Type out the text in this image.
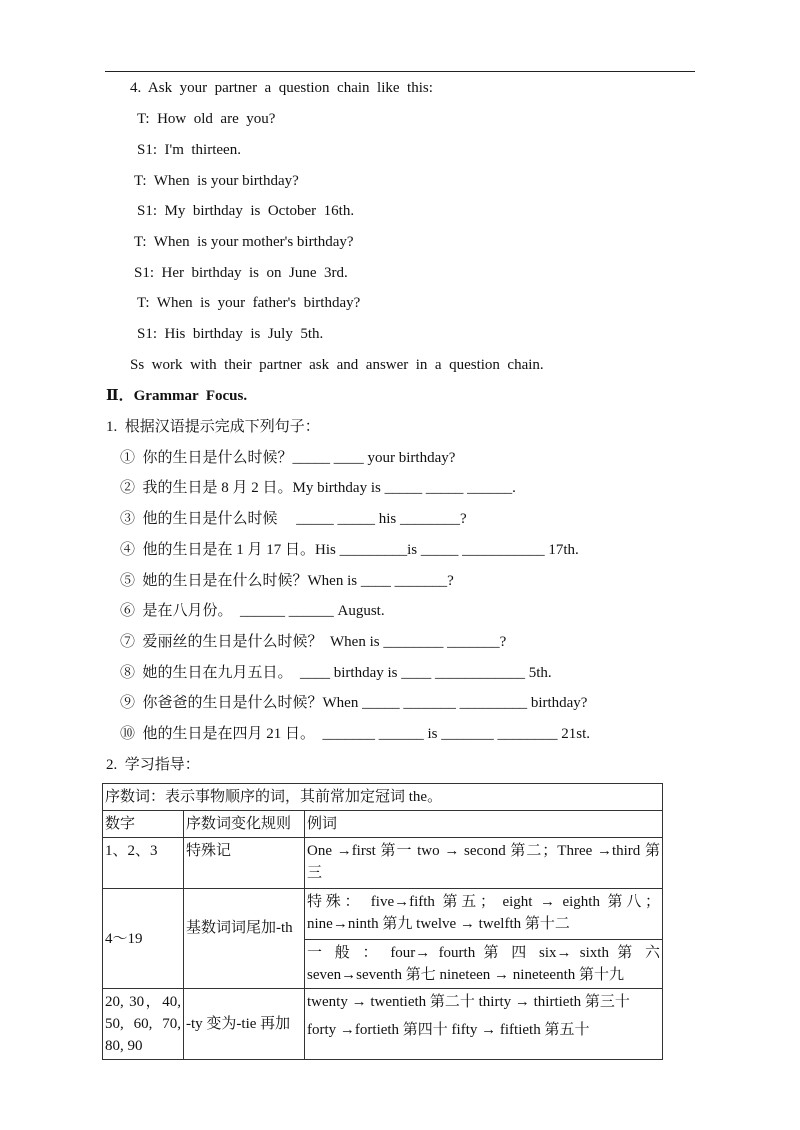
4.  Ask  your  partner  a  question  chain  like  this:
T:  How  old  are  you?
S1:  I'm  thirteen.
T:  When  is your birthday?
S1:  My  birthday  is  October  16th.
T:  When  is your mother's birthday?
S1:  Her  birthday  is  on  June  3rd.
T:  When  is  your  father's  birthday?
S1:  His  birthday  is  July  5th.
Ss  work  with  their  partner  ask  and  answer  in  a  question  chain.
Ⅱ．Grammar  Focus.
1.  根据汉语提示完成下列句子：
①  你的生日是什么时候？_____ ____ your birthday?
②  我的生日是 8 月 2 日。My birthday is _____ _____ ______.
③  他的生日是什么时候     _____ _____ his ________?
④  他的生日是在 1 月 17 日。His _________is _____ ___________ 17th.
⑤  她的生日是在什么时候？When is ____ _______?
⑥  是在八月份。  ______ ______ August.
⑦  爱丽丝的生日是什么时候？  When is ________ _______?
⑧  她的生日在九月五日。  ____ birthday is ____ ____________ 5th.
⑨  你爸爸的生日是什么时候？When _____ _______ _________ birthday?
⑩  他的生日是在四月 21 日。  _______ ______ is _______ ________ 21st.
2.  学习指导：
序数词：表示事物顺序的词，其前常加定冠词 the。		
数字	序数词变化规则	例词
1、2、3	特殊记	One →first 第一 two → second 第二；Three →third 第三
4～19	基数词词尾加-th	特殊： five→fifth 第五； eight → eighth 第八；nine→ninth 第九 twelve → twelfth 第十二
一 般 ： four→ fourth 第 四 six→ sixth 第 六 seven→seventh 第七 nineteen → nineteenth 第十九

20, 30，40, 50, 60, 70, 80, 90	-ty 变为-tie 再加	twenty → twentieth 第二十 thirty → thirtieth 第三十
forty →fortieth 第四十 fifty → fiftieth 第五十
